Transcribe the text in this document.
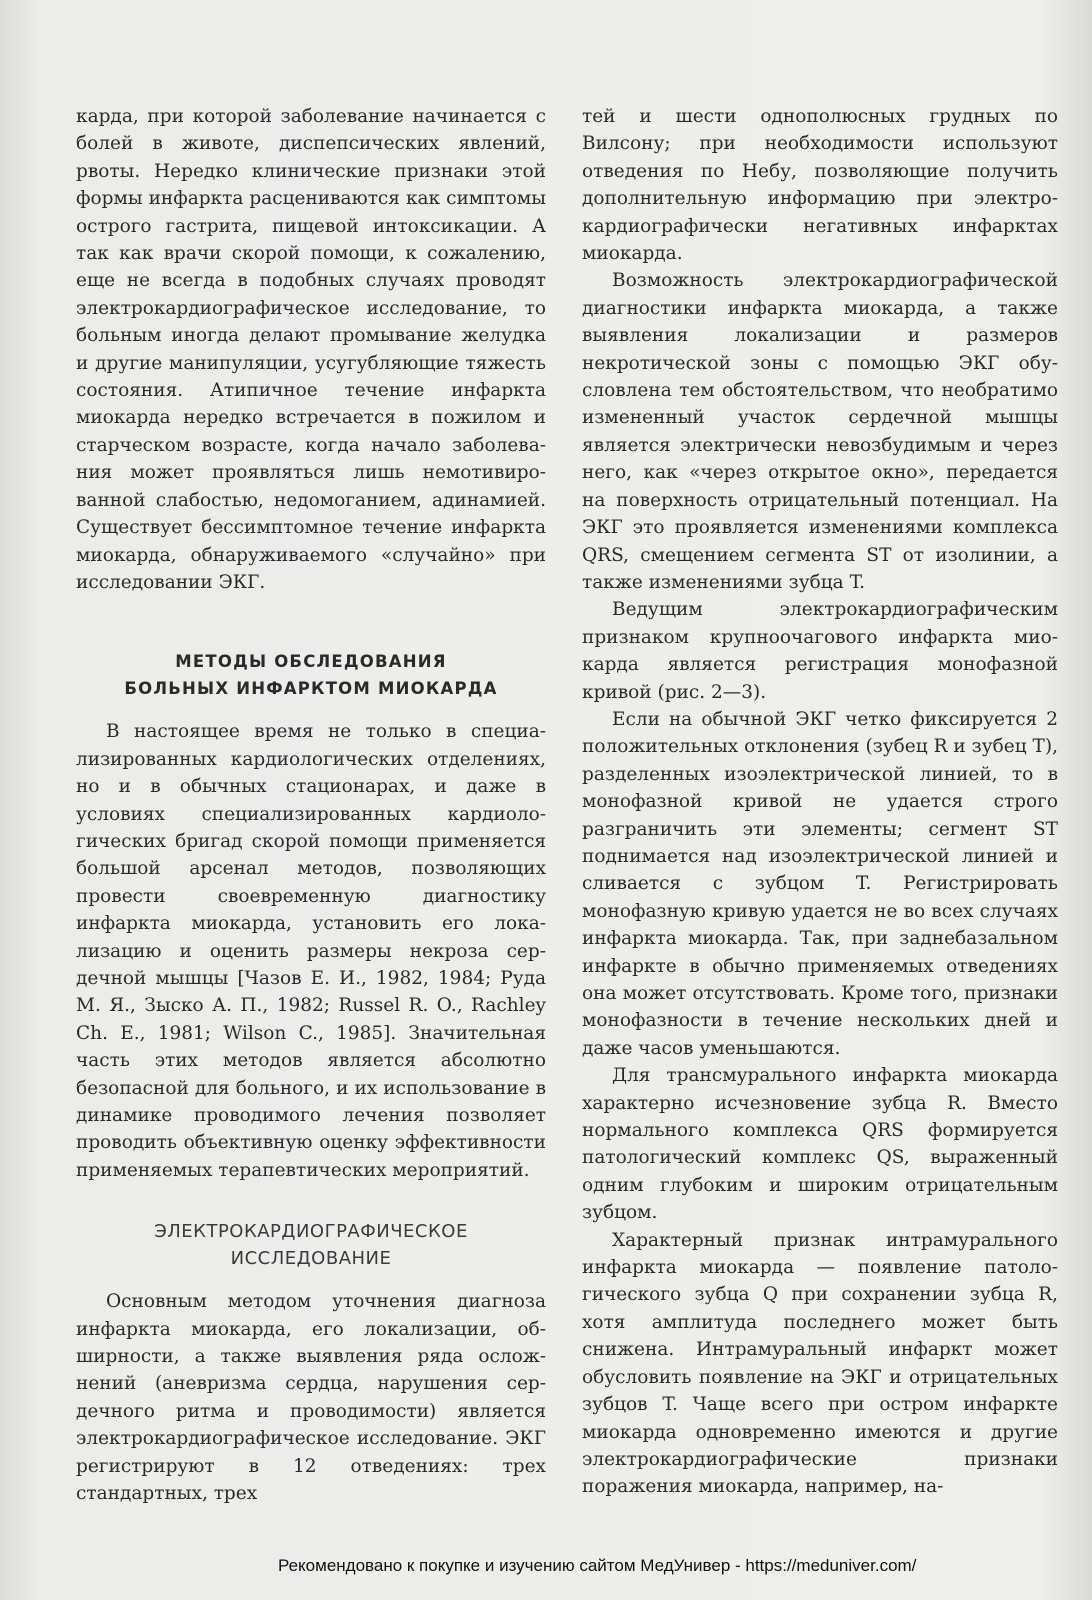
карда, при которой заболевание начинается с болей в животе, диспепсических явлений, рвоты. Нередко клинические признаки этой формы инфаркта расцениваются как симптомы острого гастрита, пищевой интоксикации. А так как врачи скорой помощи, к сожалению, еще не всегда в подобных случаях проводят электрокардиографическое исследование, то больным иногда делают промывание желудка и другие манипуляции, усугубляющие тяжесть состояния. Атипичное течение инфаркта миокарда нередко встречается в пожилом и старческом возрасте, когда начало заболевания может проявляться лишь немотивированной слабостью, недомоганием, адинамией. Существует бессимптомное течение инфаркта миокарда, обнаруживаемого «случайно» при исследовании ЭКГ.

МЕТОДЫ ОБСЛЕДОВАНИЯ
БОЛЬНЫХ ИНФАРКТОМ МИОКАРДА

В настоящее время не только в специализированных кардиологических отделениях, но и в обычных стационарах, и даже в условиях специализированных кардиологических бригад скорой помощи применяется большой арсенал методов, позволяющих провести своевременную диагностику инфаркта миокарда, установить его локализацию и оценить размеры некроза сердечной мышцы [Чазов Е. И., 1982, 1984; Руда М. Я., Зыско А. П., 1982; Russel R. O., Rachley Ch. E., 1981; Wilson C., 1985]. Значительная часть этих методов является абсолютно безопасной для больного, и их использование в динамике проводимого лечения позволяет проводить объективную оценку эффективности применяемых терапевтических мероприятий.

ЭЛЕКТРОКАРДИОГРАФИЧЕСКОЕ
ИССЛЕДОВАНИЕ

Основным методом уточнения диагноза инфаркта миокарда, его локализации, обширности, а также выявления ряда осложнений (аневризма сердца, нарушения сердечного ритма и проводимости) является электрокардиографическое исследование. ЭКГ регистрируют в 12 отведениях: трех стандартных, трех

тей и шести однополюсных грудных по Вилсону; при необходимости используют отведения по Небу, позволяющие получить дополнительную информацию при электрокардиографически негативных инфарктах миокарда.

Возможность электрокардиографической диагностики инфаркта миокарда, а также выявления локализации и размеров некротической зоны с помощью ЭКГ обусловлена тем обстоятельством, что необратимо измененный участок сердечной мышцы является электрически невозбудимым и через него, как «через открытое окно», передается на поверхность отрицательный потенциал. На ЭКГ это проявляется изменениями комплекса QRS, смещением сегмента ST от изолинии, а также изменениями зубца T.

Ведущим электрокардиографическим признаком крупноочагового инфаркта миокарда является регистрация монофазной кривой (рис. 2—3).

Если на обычной ЭКГ четко фиксируется 2 положительных отклонения (зубец R и зубец T), разделенных изоэлектрической линией, то в монофазной кривой не удается строго разграничить эти элементы; сегмент ST поднимается над изоэлектрической линией и сливается с зубцом T. Регистрировать монофазную кривую удается не во всех случаях инфаркта миокарда. Так, при заднебазальном инфаркте в обычно применяемых отведениях она может отсутствовать. Кроме того, признаки монофазности в течение нескольких дней и даже часов уменьшаются.

Для трансмурального инфаркта миокарда характерно исчезновение зубца R. Вместо нормального комплекса QRS формируется патологический комплекс QS, выраженный одним глубоким и широким отрицательным зубцом.

Характерный признак интрамурального инфаркта миокарда — появление патологического зубца Q при сохранении зубца R, хотя амплитуда последнего может быть снижена. Интрамуральный инфаркт может обусловить появление на ЭКГ и отрицательных зубцов T. Чаще всего при остром инфаркте миокарда одновременно имеются и другие электрокардиографические признаки поражения миокарда, например, на-

Рекомендовано к покупке и изучению сайтом МедУнивер - https://meduniver.com/
